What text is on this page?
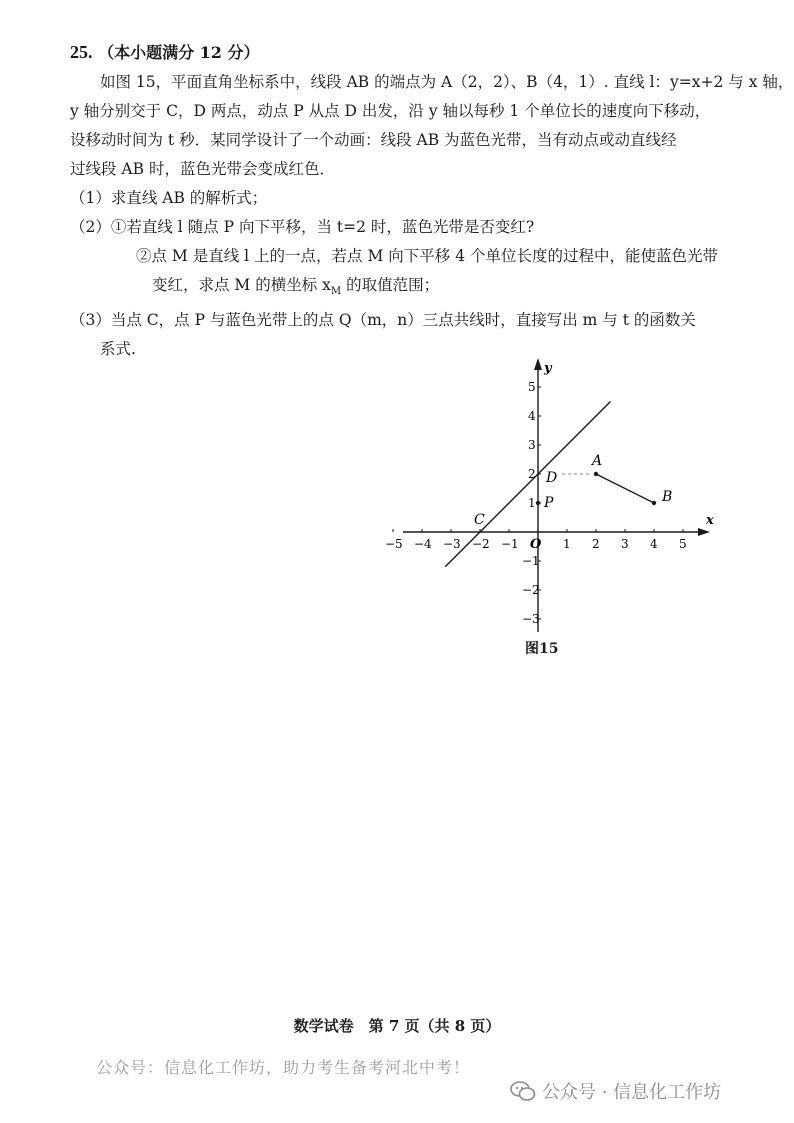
25. （本小题满分 12 分）
如图 15，平面直角坐标系中，线段 AB 的端点为 A（2，2）、B（4，1）. 直线 l：y=x+2 与 x 轴，
y 轴分别交于 C，D 两点，动点 P 从点 D 出发，沿 y 轴以每秒 1 个单位长的速度向下移动，
设移动时间为 t 秒．某同学设计了一个动画：线段 AB 为蓝色光带，当有动点或动直线经
过线段 AB 时，蓝色光带会变成红色．
（1）求直线 AB 的解析式；
（2）①若直线 l 随点 P 向下平移，当 t=2 时，蓝色光带是否变红?
②点 M 是直线 l 上的一点，若点 M 向下平移 4 个单位长度的过程中，能使蓝色光带
变红，求点 M 的横坐标 $x_M$ 的取值范围；
（3）当点 C，点 P 与蓝色光带上的点 Q（m，n）三点共线时，直接写出 m 与 t 的函数关
系式.
x
y
O
−5 −4 −3 −2 −1	1 2 3 4 5
5
4
3
2
1
−1
−2
−3
A
B
C
D
P
图15
数学试卷　第 7 页（共 8 页）
公众号：信息化工作坊，助力考生备考河北中考！
公众号 · 信息化工作坊
